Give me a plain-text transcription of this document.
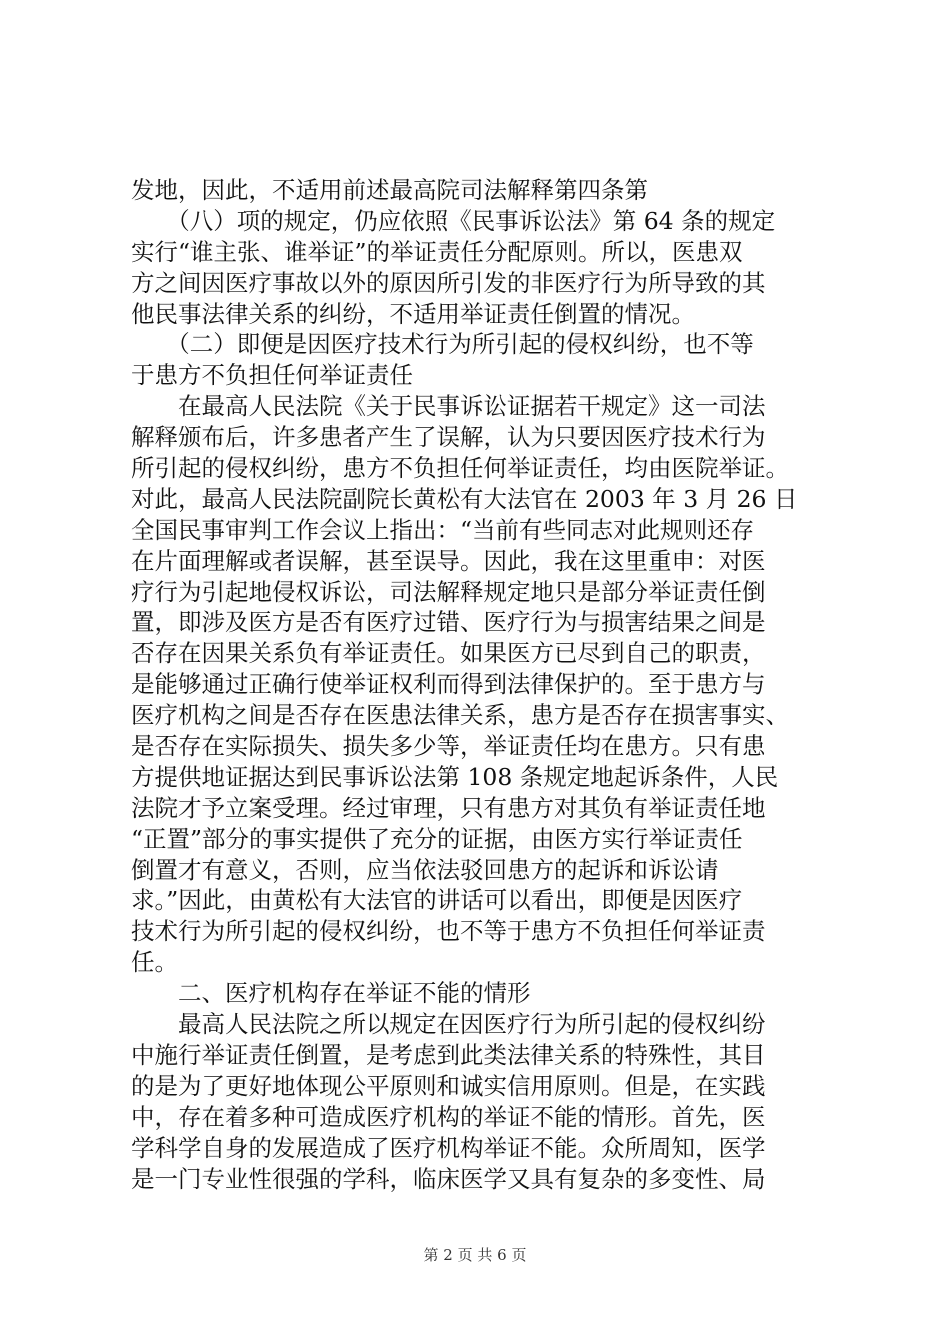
发地，因此，不适用前述最高院司法解释第四条第
　　（八）项的规定，仍应依照《民事诉讼法》第 64 条的规定
实行“谁主张、谁举证”的举证责任分配原则。所以，医患双
方之间因医疗事故以外的原因所引发的非医疗行为所导致的其
他民事法律关系的纠纷，不适用举证责任倒置的情况。
　　（二）即便是因医疗技术行为所引起的侵权纠纷，也不等
于患方不负担任何举证责任
　　在最高人民法院《关于民事诉讼证据若干规定》这一司法
解释颁布后，许多患者产生了误解，认为只要因医疗技术行为
所引起的侵权纠纷，患方不负担任何举证责任，均由医院举证。
对此，最高人民法院副院长黄松有大法官在 2003 年 3 月 26 日
全国民事审判工作会议上指出：“当前有些同志对此规则还存
在片面理解或者误解，甚至误导。因此，我在这里重申：对医
疗行为引起地侵权诉讼，司法解释规定地只是部分举证责任倒
置，即涉及医方是否有医疗过错、医疗行为与损害结果之间是
否存在因果关系负有举证责任。如果医方已尽到自己的职责，
是能够通过正确行使举证权利而得到法律保护的。至于患方与
医疗机构之间是否存在医患法律关系，患方是否存在损害事实、
是否存在实际损失、损失多少等，举证责任均在患方。只有患
方提供地证据达到民事诉讼法第 108 条规定地起诉条件，人民
法院才予立案受理。经过审理，只有患方对其负有举证责任地
“正置”部分的事实提供了充分的证据，由医方实行举证责任
倒置才有意义，否则，应当依法驳回患方的起诉和诉讼请
求。”因此，由黄松有大法官的讲话可以看出，即便是因医疗
技术行为所引起的侵权纠纷，也不等于患方不负担任何举证责
任。
　　二、医疗机构存在举证不能的情形
　　最高人民法院之所以规定在因医疗行为所引起的侵权纠纷
中施行举证责任倒置，是考虑到此类法律关系的特殊性，其目
的是为了更好地体现公平原则和诚实信用原则。但是，在实践
中，存在着多种可造成医疗机构的举证不能的情形。首先，医
学科学自身的发展造成了医疗机构举证不能。众所周知，医学
是一门专业性很强的学科，临床医学又具有复杂的多变性、局
第 2 页 共 6 页
